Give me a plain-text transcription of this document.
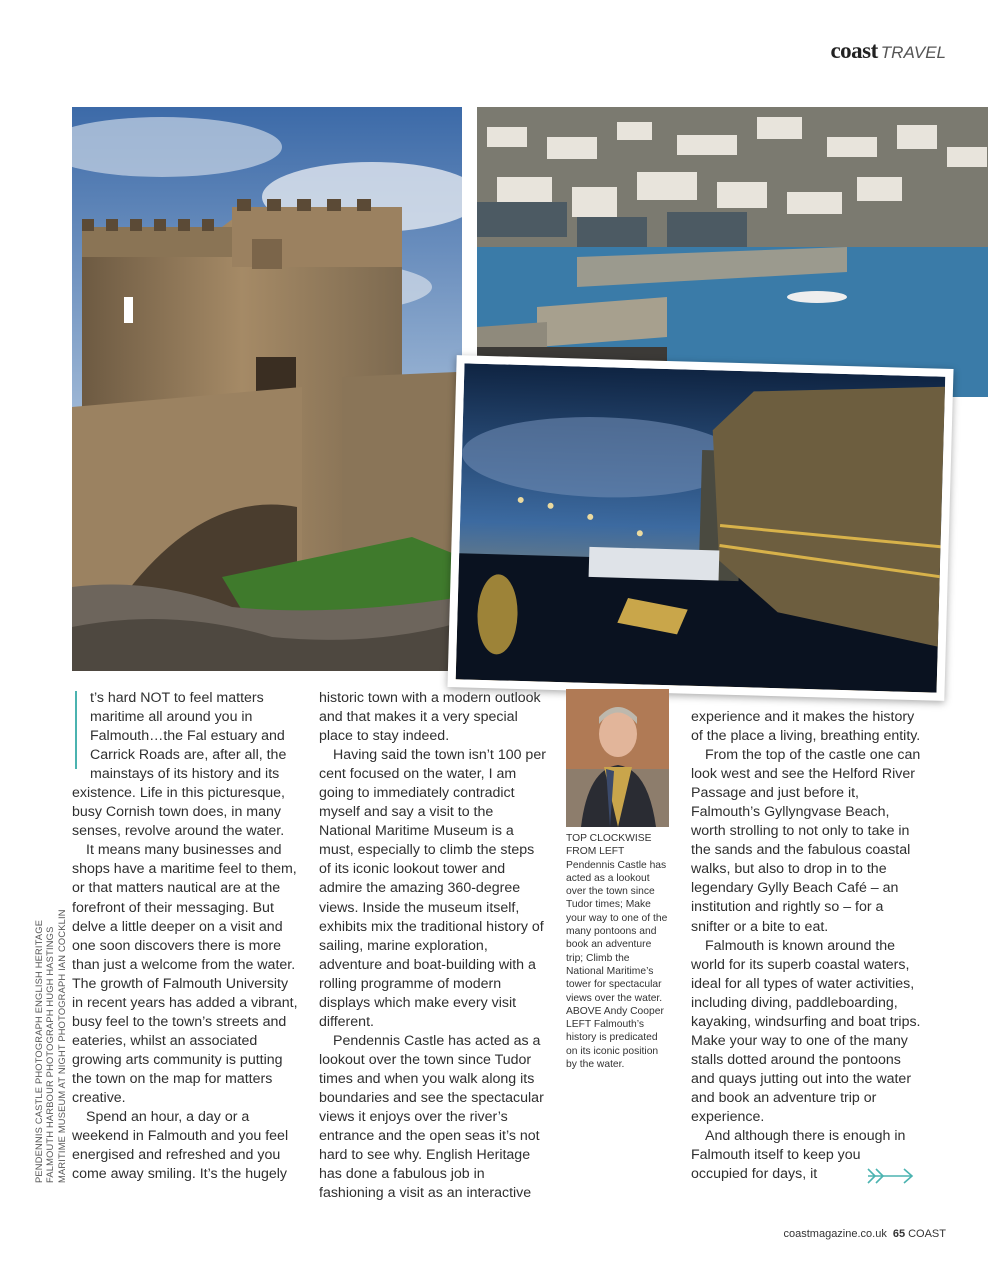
coast TRAVEL

t’s hard NOT to feel matters maritime all around you in Falmouth…the Fal estuary and Carrick Roads are, after all, the mainstays of its history and its existence. Life in this picturesque, busy Cornish town does, in many senses, revolve around the water.

It means many businesses and shops have a maritime feel to them, or that matters nautical are at the forefront of their messaging. But delve a little deeper on a visit and one soon discovers there is more than just a welcome from the water. The growth of Falmouth University in recent years has added a vibrant, busy feel to the town’s streets and eateries, whilst an associated growing arts community is putting the town on the map for matters creative.

Spend an hour, a day or a weekend in Falmouth and you feel energised and refreshed and you come away smiling. It’s the hugely

historic town with a modern outlook and that makes it a very special place to stay indeed.

Having said the town isn’t 100 per cent focused on the water, I am going to immediately contradict myself and say a visit to the National Maritime Museum is a must, especially to climb the steps of its iconic lookout tower and admire the amazing 360-degree views. Inside the museum itself, exhibits mix the traditional history of sailing, marine exploration, adventure and boat-building with a rolling programme of modern displays which make every visit different.

Pendennis Castle has acted as a lookout over the town since Tudor times and when you walk along its boundaries and see the spectacular views it enjoys over the river’s entrance and the open seas it’s not hard to see why. English Heritage has done a fabulous job in fashioning a visit as an interactive

TOP CLOCKWISE FROM LEFT Pendennis Castle has acted as a lookout over the town since Tudor times; Make your way to one of the many pontoons and book an adventure trip; Climb the National Maritime’s tower for spectacular views over the water. ABOVE Andy Cooper LEFT Falmouth’s history is predicated on its iconic position by the water.

experience and it makes the history of the place a living, breathing entity.

From the top of the castle one can look west and see the Helford River Passage and just before it, Falmouth’s Gyllyngvase Beach, worth strolling to not only to take in the sands and the fabulous coastal walks, but also to drop in to the legendary Gylly Beach Café – an institution and rightly so – for a snifter or a bite to eat.

Falmouth is known around the world for its superb coastal waters, ideal for all types of water activities, including diving, paddleboarding, kayaking, windsurfing and boat trips. Make your way to one of the many stalls dotted around the pontoons and quays jutting out into the water and book an adventure trip or experience.

And although there is enough in Falmouth itself to keep you occupied for days, it

PENDENNIS CASTLE PHOTOGRAPH ENGLISH HERITAGE FALMOUTH HARBOUR PHOTOGRAPH HUGH HASTINGS MARITIME MUSEUM AT NIGHT PHOTOGRAPH IAN COCKLIN
coastmagazine.co.uk 65 COAST
